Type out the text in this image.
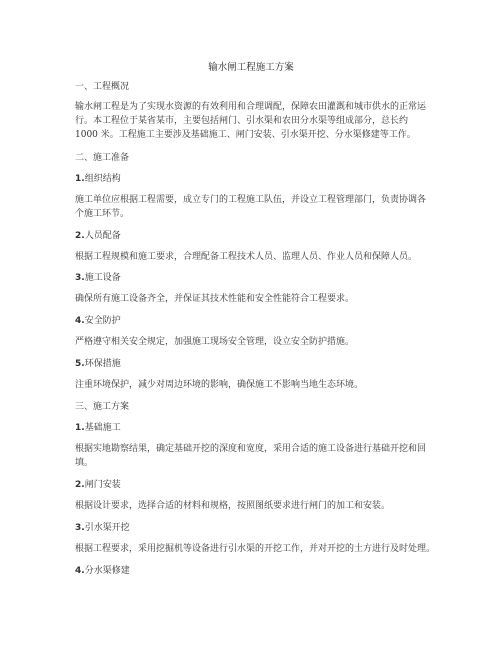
输水闸工程施工方案
一、工程概况
输水闸工程是为了实现水资源的有效利用和合理调配，保障农田灌溉和城市供水的正常运
行。本工程位于某省某市，主要包括闸门、引水渠和农田分水渠等组成部分，总长约
1000 米。工程施工主要涉及基础施工、闸门安装、引水渠开挖、分水渠修建等工作。
二、施工准备
1.组织结构
施工单位应根据工程需要，成立专门的工程施工队伍，并设立工程管理部门，负责协调各
个施工环节。
2.人员配备
根据工程规模和施工要求，合理配备工程技术人员、监理人员、作业人员和保障人员。
3.施工设备
确保所有施工设备齐全，并保证其技术性能和安全性能符合工程要求。
4.安全防护
严格遵守相关安全规定，加强施工现场安全管理，设立安全防护措施。
5.环保措施
注重环境保护，减少对周边环境的影响，确保施工不影响当地生态环境。
三、施工方案
1.基础施工
根据实地勘察结果，确定基础开挖的深度和宽度，采用合适的施工设备进行基础开挖和回
填。
2.闸门安装
根据设计要求，选择合适的材料和规格，按照图纸要求进行闸门的加工和安装。
3.引水渠开挖
根据工程要求，采用挖掘机等设备进行引水渠的开挖工作，并对开挖的土方进行及时处理。
4.分水渠修建
